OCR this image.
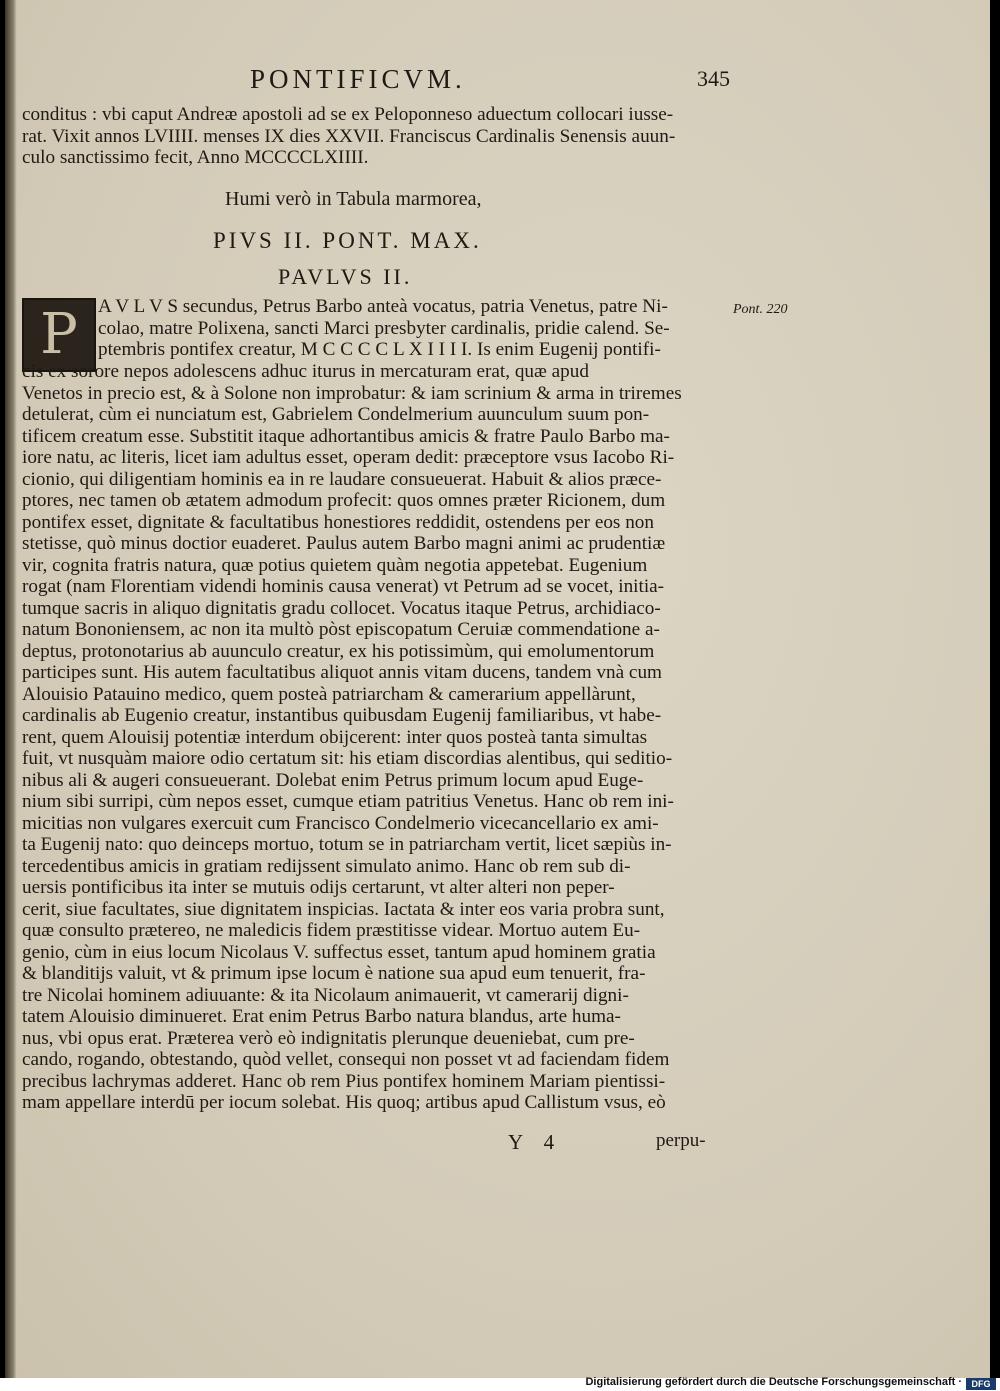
PONTIFICVM.	345
conditus : vbi caput Andreæ apostoli ad se ex Peloponneso aduectum collocari iusse-
rat. Vixit annos LVIIII. menses IX dies XXVII. Franciscus Cardinalis Senensis auun-
culo sanctissimo fecit, Anno MCCCCLXIIII.
Humi verò in Tabula marmorea,
PIVS II. PONT. MAX.
PAVLVS II.
P	A V L V S secundus, Petrus Barbo anteà vocatus, patria Venetus, patre Ni-
colao, matre Polixena, sancti Marci presbyter cardinalis, pridie calend. Se-
ptembris pontifex creatur, M C C C C L X I I I I. Is enim Eugenij pontifi-
Pont. 220
cis ex sorore nepos adolescens adhuc iturus in mercaturam erat, quæ apud
Venetos in precio est, & à Solone non improbatur: & iam scrinium & arma in triremes
detulerat, cùm ei nunciatum est, Gabrielem Condelmerium auunculum suum pon-
tificem creatum esse. Substitit itaque adhortantibus amicis & fratre Paulo Barbo ma-
iore natu, ac literis, licet iam adultus esset, operam dedit: præceptore vsus Iacobo Ri-
cionio, qui diligentiam hominis ea in re laudare consueuerat. Habuit & alios præce-
ptores, nec tamen ob ætatem admodum profecit: quos omnes præter Ricionem, dum
pontifex esset, dignitate & facultatibus honestiores reddidit, ostendens per eos non
stetisse, quò minus doctior euaderet. Paulus autem Barbo magni animi ac prudentiæ
vir, cognita fratris natura, quæ potius quietem quàm negotia appetebat. Eugenium
rogat (nam Florentiam videndi hominis causa venerat) vt Petrum ad se vocet, initia-
tumque sacris in aliquo dignitatis gradu collocet. Vocatus itaque Petrus, archidiaco-
natum Bononiensem, ac non ita multò pòst episcopatum Ceruiæ commendatione a-
deptus, protonotarius ab auunculo creatur, ex his potissimùm, qui emolumentorum
participes sunt. His autem facultatibus aliquot annis vitam ducens, tandem vnà cum
Alouisio Patauino medico, quem posteà patriarcham & camerarium appellàrunt,
cardinalis ab Eugenio creatur, instantibus quibusdam Eugenij familiaribus, vt habe-
rent, quem Alouisij potentiæ interdum obijcerent: inter quos posteà tanta simultas
fuit, vt nusquàm maiore odio certatum sit: his etiam discordias alentibus, qui seditio-
nibus ali & augeri consueuerant. Dolebat enim Petrus primum locum apud Euge-
nium sibi surripi, cùm nepos esset, cumque etiam patritius Venetus. Hanc ob rem ini-
micitias non vulgares exercuit cum Francisco Condelmerio vicecancellario ex ami-
ta Eugenij nato: quo deinceps mortuo, totum se in patriarcham vertit, licet sæpiùs in-
tercedentibus amicis in gratiam redijssent simulato animo. Hanc ob rem sub di-
uersis pontificibus ita inter se mutuis odijs certarunt, vt alter alteri non peper-
cerit, siue facultates, siue dignitatem inspicias. Iactata & inter eos varia probra sunt,
quæ consulto prætereo, ne maledicis fidem præstitisse videar. Mortuo autem Eu-
genio, cùm in eius locum Nicolaus V. suffectus esset, tantum apud hominem gratia
& blanditijs valuit, vt & primum ipse locum è natione sua apud eum tenuerit, fra-
tre Nicolai hominem adiuuante: & ita Nicolaum animauerit, vt camerarij digni-
tatem Alouisio diminueret. Erat enim Petrus Barbo natura blandus, arte huma-
nus, vbi opus erat. Præterea verò eò indignitatis plerunque deueniebat, cum pre-
cando, rogando, obtestando, quòd vellet, consequi non posset vt ad faciendam fidem
precibus lachrymas adderet. Hanc ob rem Pius pontifex hominem Mariam pientissi-
mam appellare interdū per iocum solebat. His quoq; artibus apud Callistum vsus, eò
Y 4	perpu-
Digitalisierung gefördert durch die Deutsche Forschungsgemeinschaft ·	DFG
